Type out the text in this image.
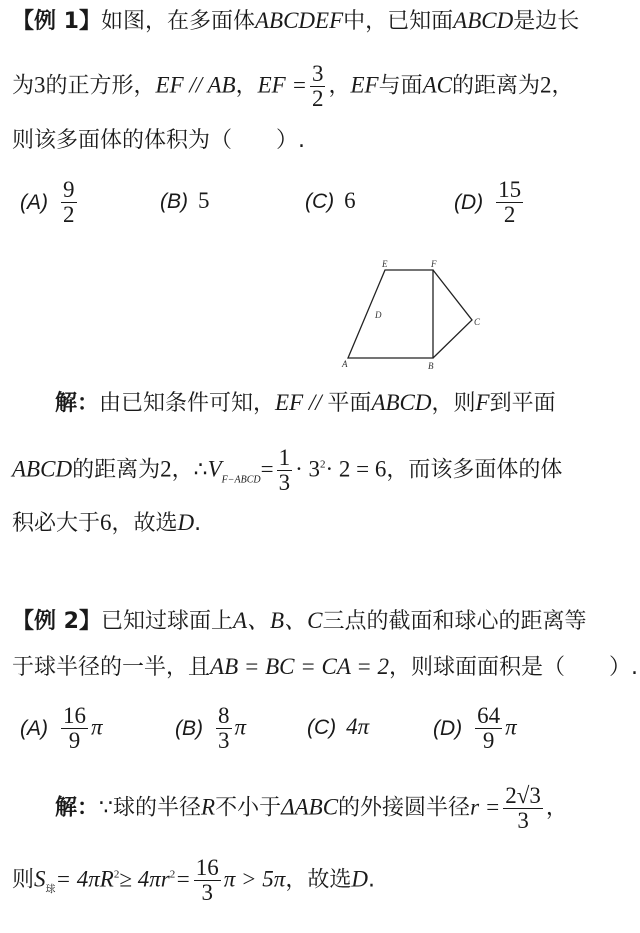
【例 1】如图，在多面体ABCDEF中，已知面ABCD是边长
为3的正方形，EF // AB，EF = $\frac{3}{2}$ ，EF与面AC的距离为2，
则该多面体的体积为（　　）.
$(A) \frac{9}{2}$	(B) 5	(C) 6	$(D) \frac{15}{2}$
E	F
A	B
C
D
解：由已知条件可知，EF // 平面ABCD，则F到平面
ABCD的距离为2，$\therefore V_{F-ABCD}= \frac{1}{3} \cdot 3^2\cdot 2 = 6$，而该多面体的体
积必大于6，故选D.
【例 2】已知过球面上A、B、C三点的截面和球心的距离等
于球半径的一半，且AB = BC = CA = 2，则球面面积是（　　）.
$(A) \frac{16}{9}$ π	$(B) \frac{8}{3}$ π	(C) 4π	$(D) \frac{64}{9}$ π
解：∵球的半径R不小于ΔABC的外接圆半径$r = \frac{2√3}{3}$ ，
则$S_球= 4\pi R^2\ge 4\pi r^2= \frac{16}{3}$ π > 5π，故选D.
